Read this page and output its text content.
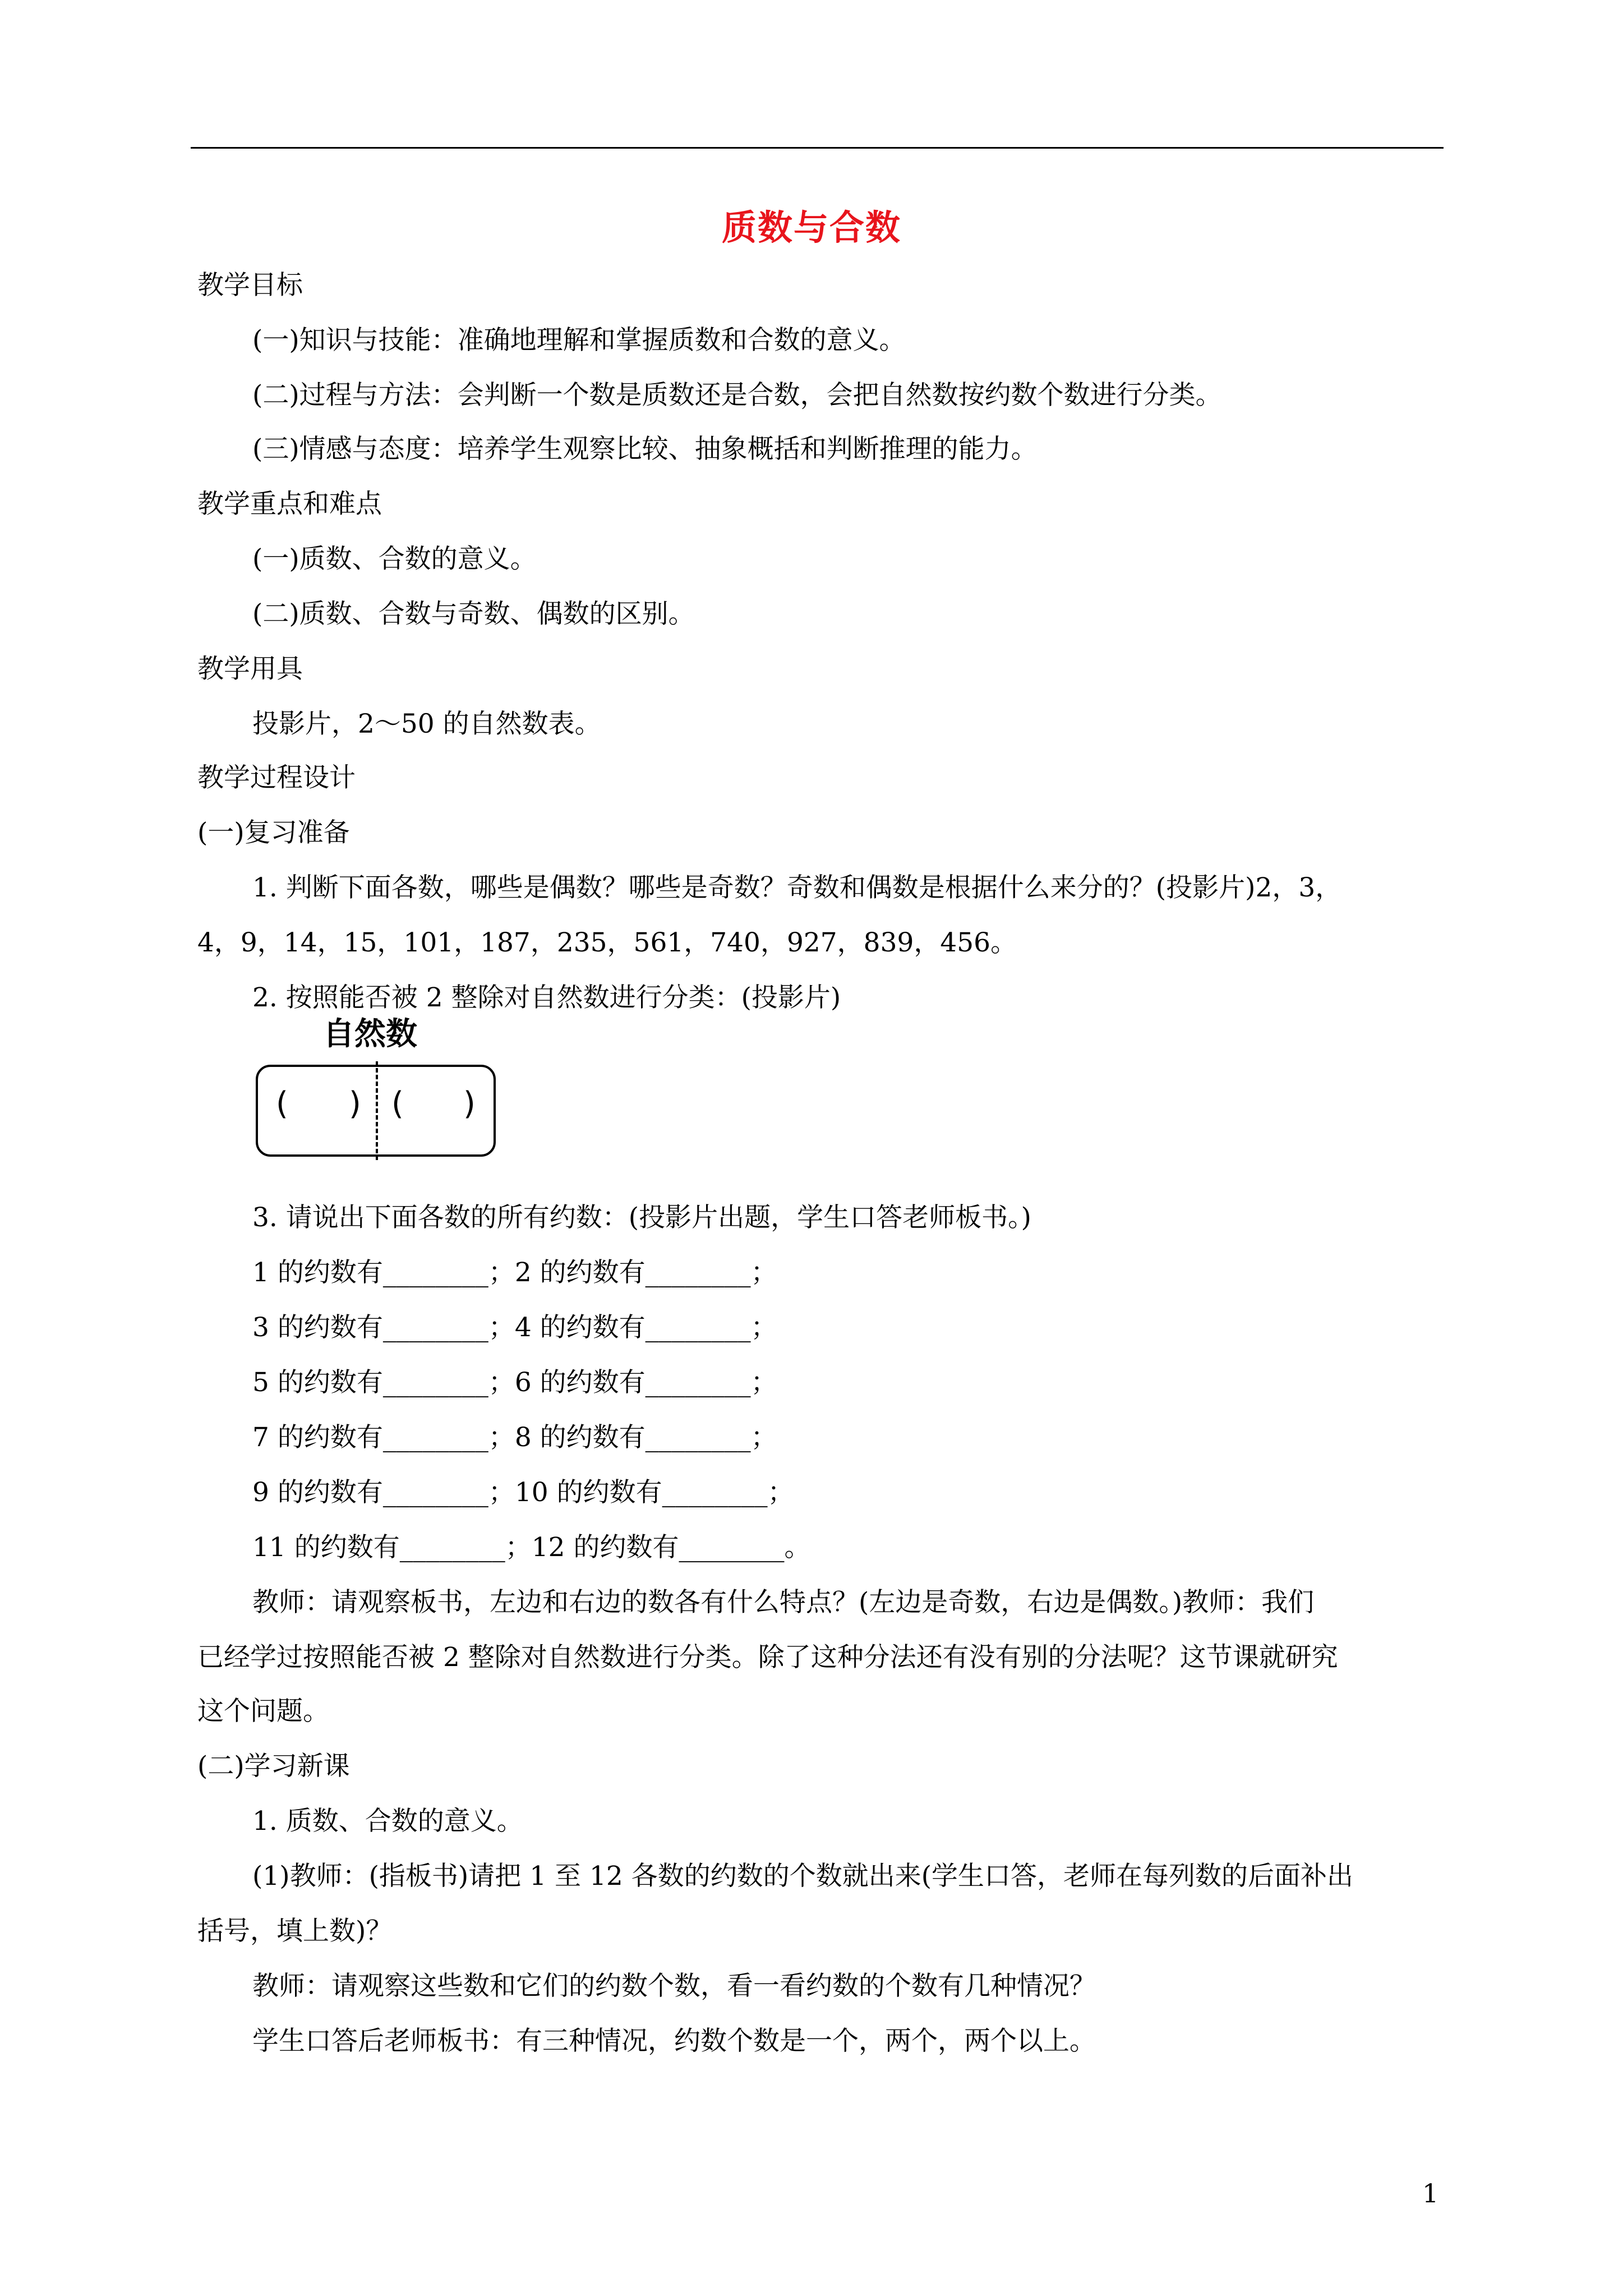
质数与合数
教学目标
(一)知识与技能：准确地理解和掌握质数和合数的意义。
(二)过程与方法：会判断一个数是质数还是合数，会把自然数按约数个数进行分类。
(三)情感与态度：培养学生观察比较、抽象概括和判断推理的能力。
教学重点和难点
(一)质数、合数的意义。
(二)质数、合数与奇数、偶数的区别。
教学用具
投影片，2～50 的自然数表。
教学过程设计
(一)复习准备
1. 判断下面各数，哪些是偶数？哪些是奇数？奇数和偶数是根据什么来分的？(投影片)2，3，
4，9，14，15，101，187，235，561，740，927，839，456。
2. 按照能否被 2 整除对自然数进行分类：(投影片)
自然数
( ) ( )
3. 请说出下面各数的所有约数：(投影片出题，学生口答老师板书。)
1 的约数有________；2 的约数有________；
3 的约数有________；4 的约数有________；
5 的约数有________；6 的约数有________；
7 的约数有________；8 的约数有________；
9 的约数有________；10 的约数有________；
11 的约数有________；12 的约数有________。
教师：请观察板书，左边和右边的数各有什么特点？(左边是奇数，右边是偶数。)教师：我们
已经学过按照能否被 2 整除对自然数进行分类。除了这种分法还有没有别的分法呢？这节课就研究
这个问题。
(二)学习新课
1. 质数、合数的意义。
(1)教师：(指板书)请把 1 至 12 各数的约数的个数就出来(学生口答，老师在每列数的后面补出
括号，填上数)？
教师：请观察这些数和它们的约数个数，看一看约数的个数有几种情况？
学生口答后老师板书：有三种情况，约数个数是一个，两个，两个以上。
1
